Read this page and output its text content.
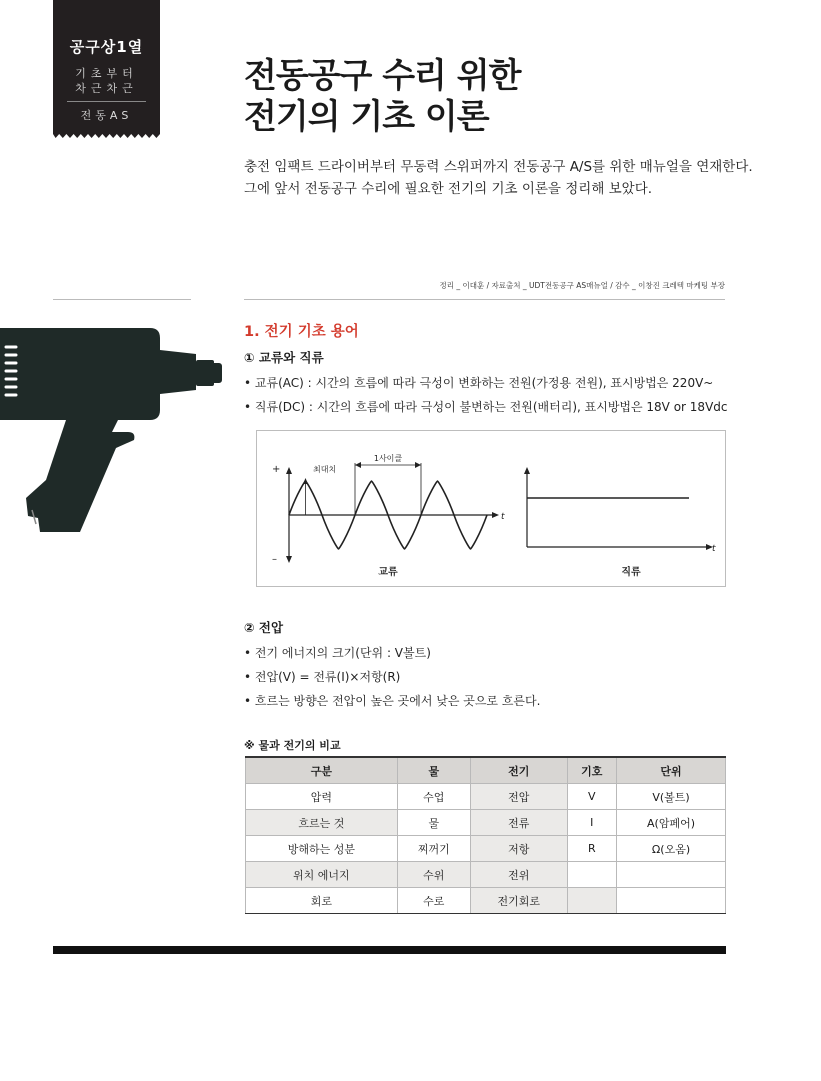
공구상1열
기초부터
차근차근
전동AS
전동공구 수리 위한
전기의 기초 이론
충전 임팩트 드라이버부터 무동력 스위퍼까지 전동공구 A/S를 위한 매뉴얼을 연재한다.
그에 앞서 전동공구 수리에 필요한 전기의 기초 이론을 정리해 보았다.
정리 _ 이대훈 / 자료출처 _ UDT전동공구 AS매뉴얼 / 감수 _ 이창진 크레텍 마케팅 부장
1. 전기 기초 용어
① 교류와 직류
• 교류(AC) : 시간의 흐름에 따라 극성이 변화하는 전원(가정용 전원), 표시방법은 220V~
• 직류(DC) : 시간의 흐름에 따라 극성이 불변하는 전원(배터리), 표시방법은 18V or 18Vdc
+
–
t
최대치
1사이클
교류
t
직류
② 전압
• 전기 에너지의 크기(단위 : V볼트)
• 전압(V) = 전류(I)×저항(R)
• 흐르는 방향은 전압이 높은 곳에서 낮은 곳으로 흐른다.
※ 물과 전기의 비교
구분	물	전기	기호	단위
압력	수업	전압	V	V(볼트)
흐르는 것	물	전류	I	A(암페어)
방해하는 성분	찌꺼기	저항	R	Ω(오옴)
위치 에너지	수위	전위		
회로	수로	전기회로		
